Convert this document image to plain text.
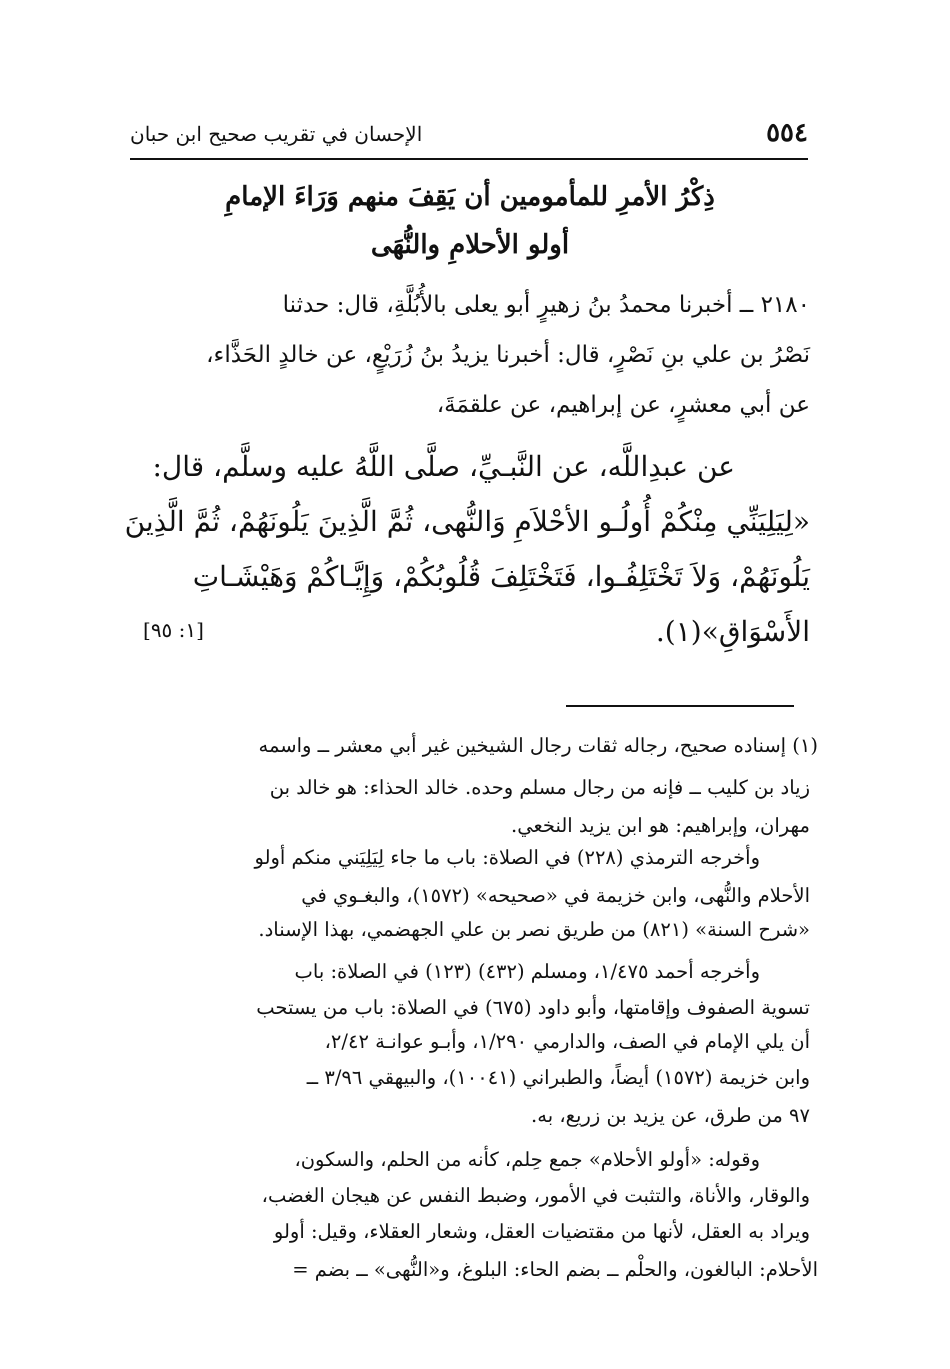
٥٥٤
الإحسان في تقريب صحيح ابن حبان
ذِكْرُ الأمرِ للمأمومين أن يَقِفَ منهم وَرَاءَ الإمامِ
أولو الأحلامِ والنُّهَى
٢١٨٠ ــ أخبرنا محمدُ بنُ زهيرٍ أبو يعلى بالأُبُلَّةِ، قال: حدثنا
نَصْرُ بن علي بنِ نَصْرٍ، قال: أخبرنا يزيدُ بنُ زُرَيْعٍ، عن خالدٍ الحَذَّاء،
عن أبي معشرٍ، عن إبراهيم، عن علقمَةَ،
عن عبدِاللَّه، عن النَّبـيِّ، صلَّى اللَّهُ عليه وسلَّم، قال:
«لِيَلِيَنِّي مِنْكُمْ أُولُـو الأحْلاَمِ وَالنُّهى، ثُمَّ الَّذِينَ يَلُونَهُمْ، ثُمَّ الَّذِينَ
يَلُونَهُمْ، وَلاَ تَخْتَلِفُـوا، فَتَخْتَلِفَ قُلُوبُكُمْ، وَإِيَّـاكُمْ وَهَيْشَـاتِ
الأَسْوَاقِ»(١).
[١: ٩٥]
(١) إسناده صحيح، رجاله ثقات رجال الشيخين غير أبي معشر ــ واسمه
زياد بن كليب ــ فإنه من رجال مسلم وحده. خالد الحذاء: هو خالد بن
مهران، وإبراهيم: هو ابن يزيد النخعي.
وأخرجه الترمذي (٢٢٨) في الصلاة: باب ما جاء لِيَلِيَني منكم أولو
الأحلام والنُّهى، وابن خزيمة في «صحيحه» (١٥٧٢)، والبغـوي في
«شرح السنة» (٨٢١) من طريق نصر بن علي الجهضمي، بهذا الإسناد.
وأخرجه أحمد ١/٤٧٥، ومسلم (٤٣٢) (١٢٣) في الصلاة: باب
تسوية الصفوف وإقامتها، وأبو داود (٦٧٥) في الصلاة: باب من يستحب
أن يلي الإمام في الصف، والدارمي ١/٢٩٠، وأبـو عوانـة ٢/٤٢،
وابن خزيمة (١٥٧٢) أيضاً، والطبراني (١٠٠٤١)، والبيهقي ٣/٩٦ ــ
٩٧ من طرق، عن يزيد بن زريع، به.
وقوله: «أولو الأحلام» جمع حِلم، كأنه من الحلم، والسكون،
والوقار، والأناة، والتثبت في الأمور، وضبط النفس عن هيجان الغضب،
ويراد به العقل، لأنها من مقتضيات العقل، وشعار العقلاء، وقيل: أولو
الأحلام: البالغون، والحلْم ــ بضم الحاء: البلوغ، و«النُّهى» ــ بضم =
